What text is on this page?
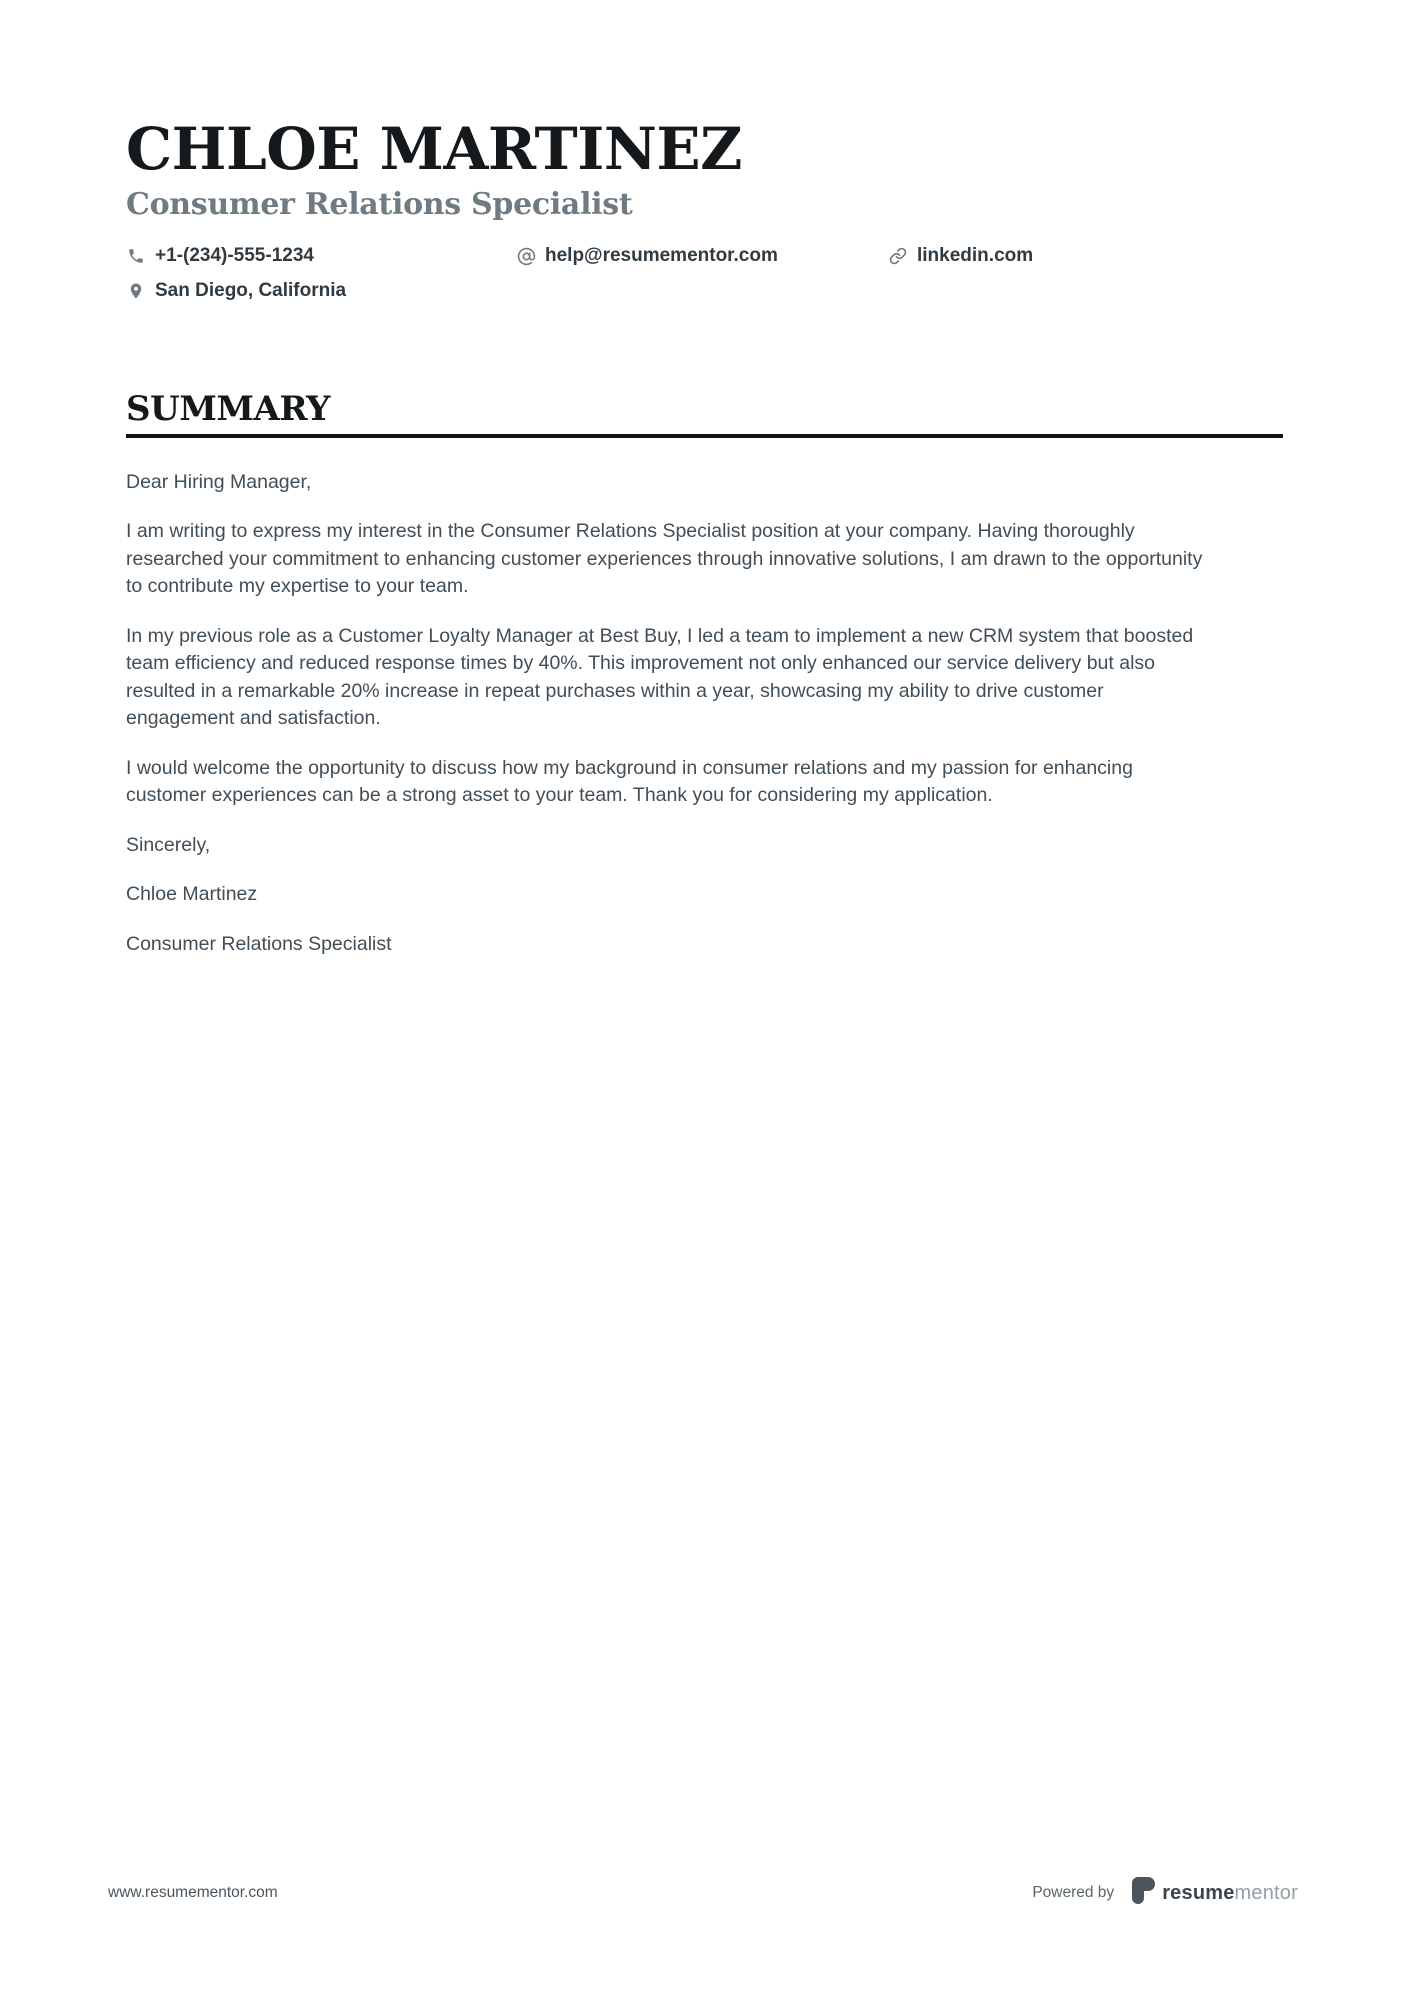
CHLOE MARTINEZ
Consumer Relations Specialist
+1-(234)-555-1234	help@resumementor.com	linkedin.com
San Diego, California
SUMMARY

Dear Hiring Manager,

I am writing to express my interest in the Consumer Relations Specialist position at your company. Having thoroughly researched your commitment to enhancing customer experiences through innovative solutions, I am drawn to the opportunity to contribute my expertise to your team.

In my previous role as a Customer Loyalty Manager at Best Buy, I led a team to implement a new CRM system that boosted team efficiency and reduced response times by 40%. This improvement not only enhanced our service delivery but also resulted in a remarkable 20% increase in repeat purchases within a year, showcasing my ability to drive customer engagement and satisfaction.

I would welcome the opportunity to discuss how my background in consumer relations and my passion for enhancing customer experiences can be a strong asset to your team. Thank you for considering my application.

Sincerely,

Chloe Martinez

Consumer Relations Specialist

www.resumementor.com	Powered by resumementor
